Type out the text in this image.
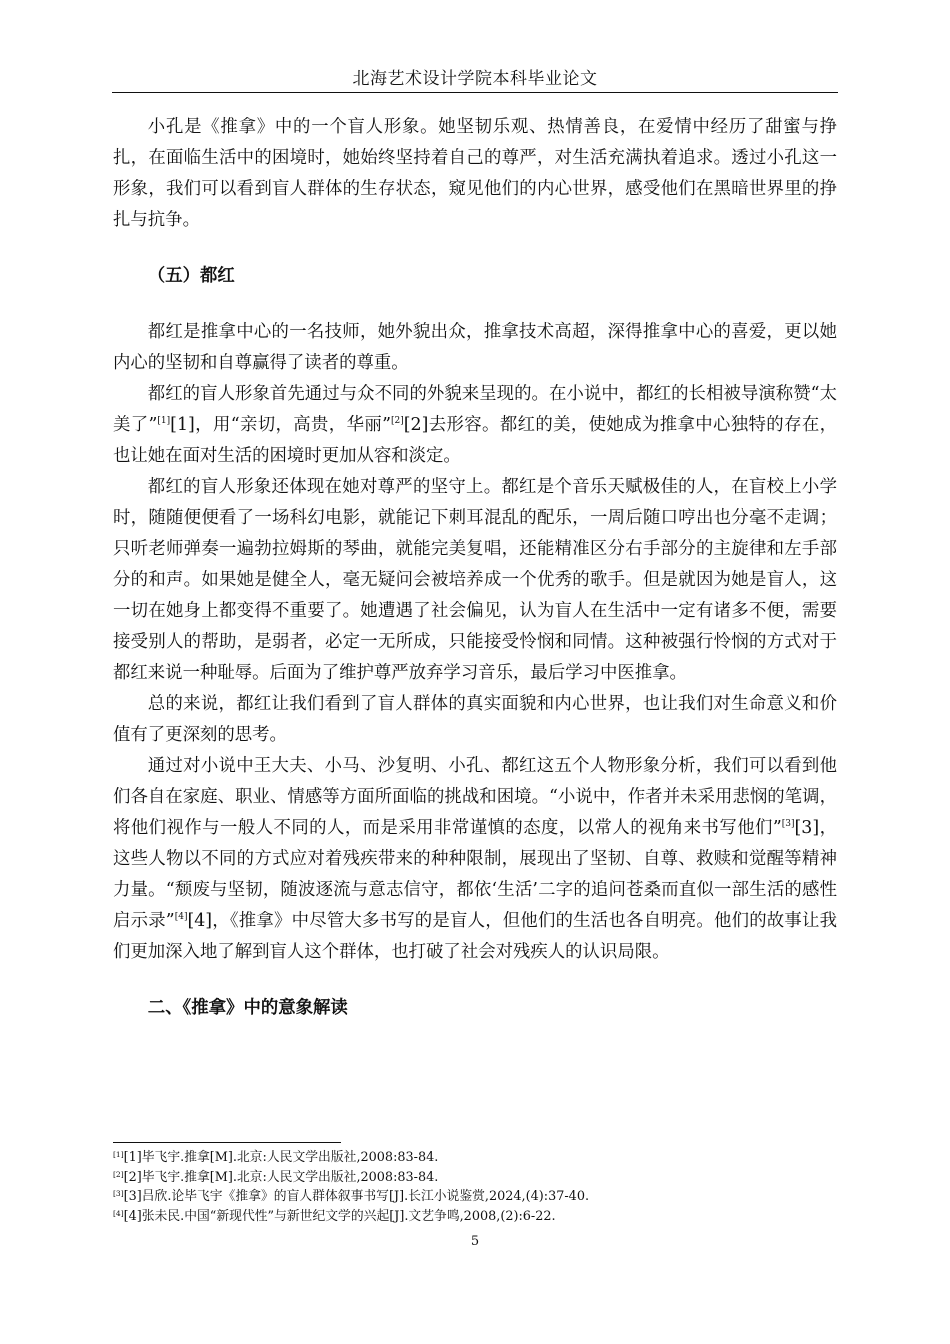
北海艺术设计学院本科毕业论文

小孔是《推拿》中的一个盲人形象。她坚韧乐观、热情善良，在爱情中经历了甜蜜与挣扎，在面临生活中的困境时，她始终坚持着自己的尊严，对生活充满执着追求。透过小孔这一形象，我们可以看到盲人群体的生存状态，窥见他们的内心世界，感受他们在黑暗世界里的挣扎与抗争。

（五）都红

都红是推拿中心的一名技师，她外貌出众，推拿技术高超，深得推拿中心的喜爱，更以她内心的坚韧和自尊赢得了读者的尊重。

都红的盲人形象首先通过与众不同的外貌来呈现的。在小说中，都红的长相被导演称赞“太美了”[1][1]，用“亲切，高贵，华丽”[2][2]去形容。都红的美，使她成为推拿中心独特的存在，也让她在面对生活的困境时更加从容和淡定。

都红的盲人形象还体现在她对尊严的坚守上。都红是个音乐天赋极佳的人，在盲校上小学时，随随便便看了一场科幻电影，就能记下刺耳混乱的配乐，一周后随口哼出也分毫不走调；只听老师弹奏一遍勃拉姆斯的琴曲，就能完美复唱，还能精准区分右手部分的主旋律和左手部分的和声。如果她是健全人，毫无疑问会被培养成一个优秀的歌手。但是就因为她是盲人，这一切在她身上都变得不重要了。她遭遇了社会偏见，认为盲人在生活中一定有诸多不便，需要接受别人的帮助，是弱者，必定一无所成，只能接受怜悯和同情。这种被强行怜悯的方式对于都红来说一种耻辱。后面为了维护尊严放弃学习音乐，最后学习中医推拿。

总的来说，都红让我们看到了盲人群体的真实面貌和内心世界，也让我们对生命意义和价值有了更深刻的思考。

通过对小说中王大夫、小马、沙复明、小孔、都红这五个人物形象分析，我们可以看到他们各自在家庭、职业、情感等方面所面临的挑战和困境。“小说中，作者并未采用悲悯的笔调，将他们视作与一般人不同的人，而是采用非常谨慎的态度，以常人的视角来书写他们”[3][3]，这些人物以不同的方式应对着残疾带来的种种限制，展现出了坚韧、自尊、救赎和觉醒等精神力量。“颓废与坚韧，随波逐流与意志信守，都依‘生活’二字的追问苍桑而直似一部生活的感性启示录”[4][4]，《推拿》中尽管大多书写的是盲人，但他们的生活也各自明亮。他们的故事让我们更加深入地了解到盲人这个群体，也打破了社会对残疾人的认识局限。

二、《推拿》中的意象解读

[1][1]毕飞宇.推拿[M].北京:人民文学出版社,2008:83-84.
[2][2]毕飞宇.推拿[M].北京:人民文学出版社,2008:83-84.
[3][3]吕欣.论毕飞宇《推拿》的盲人群体叙事书写[J].长江小说鉴赏,2024,(4):37-40.
[4][4]张未民.中国“新现代性”与新世纪文学的兴起[J].文艺争鸣,2008,(2):6-22.
5
